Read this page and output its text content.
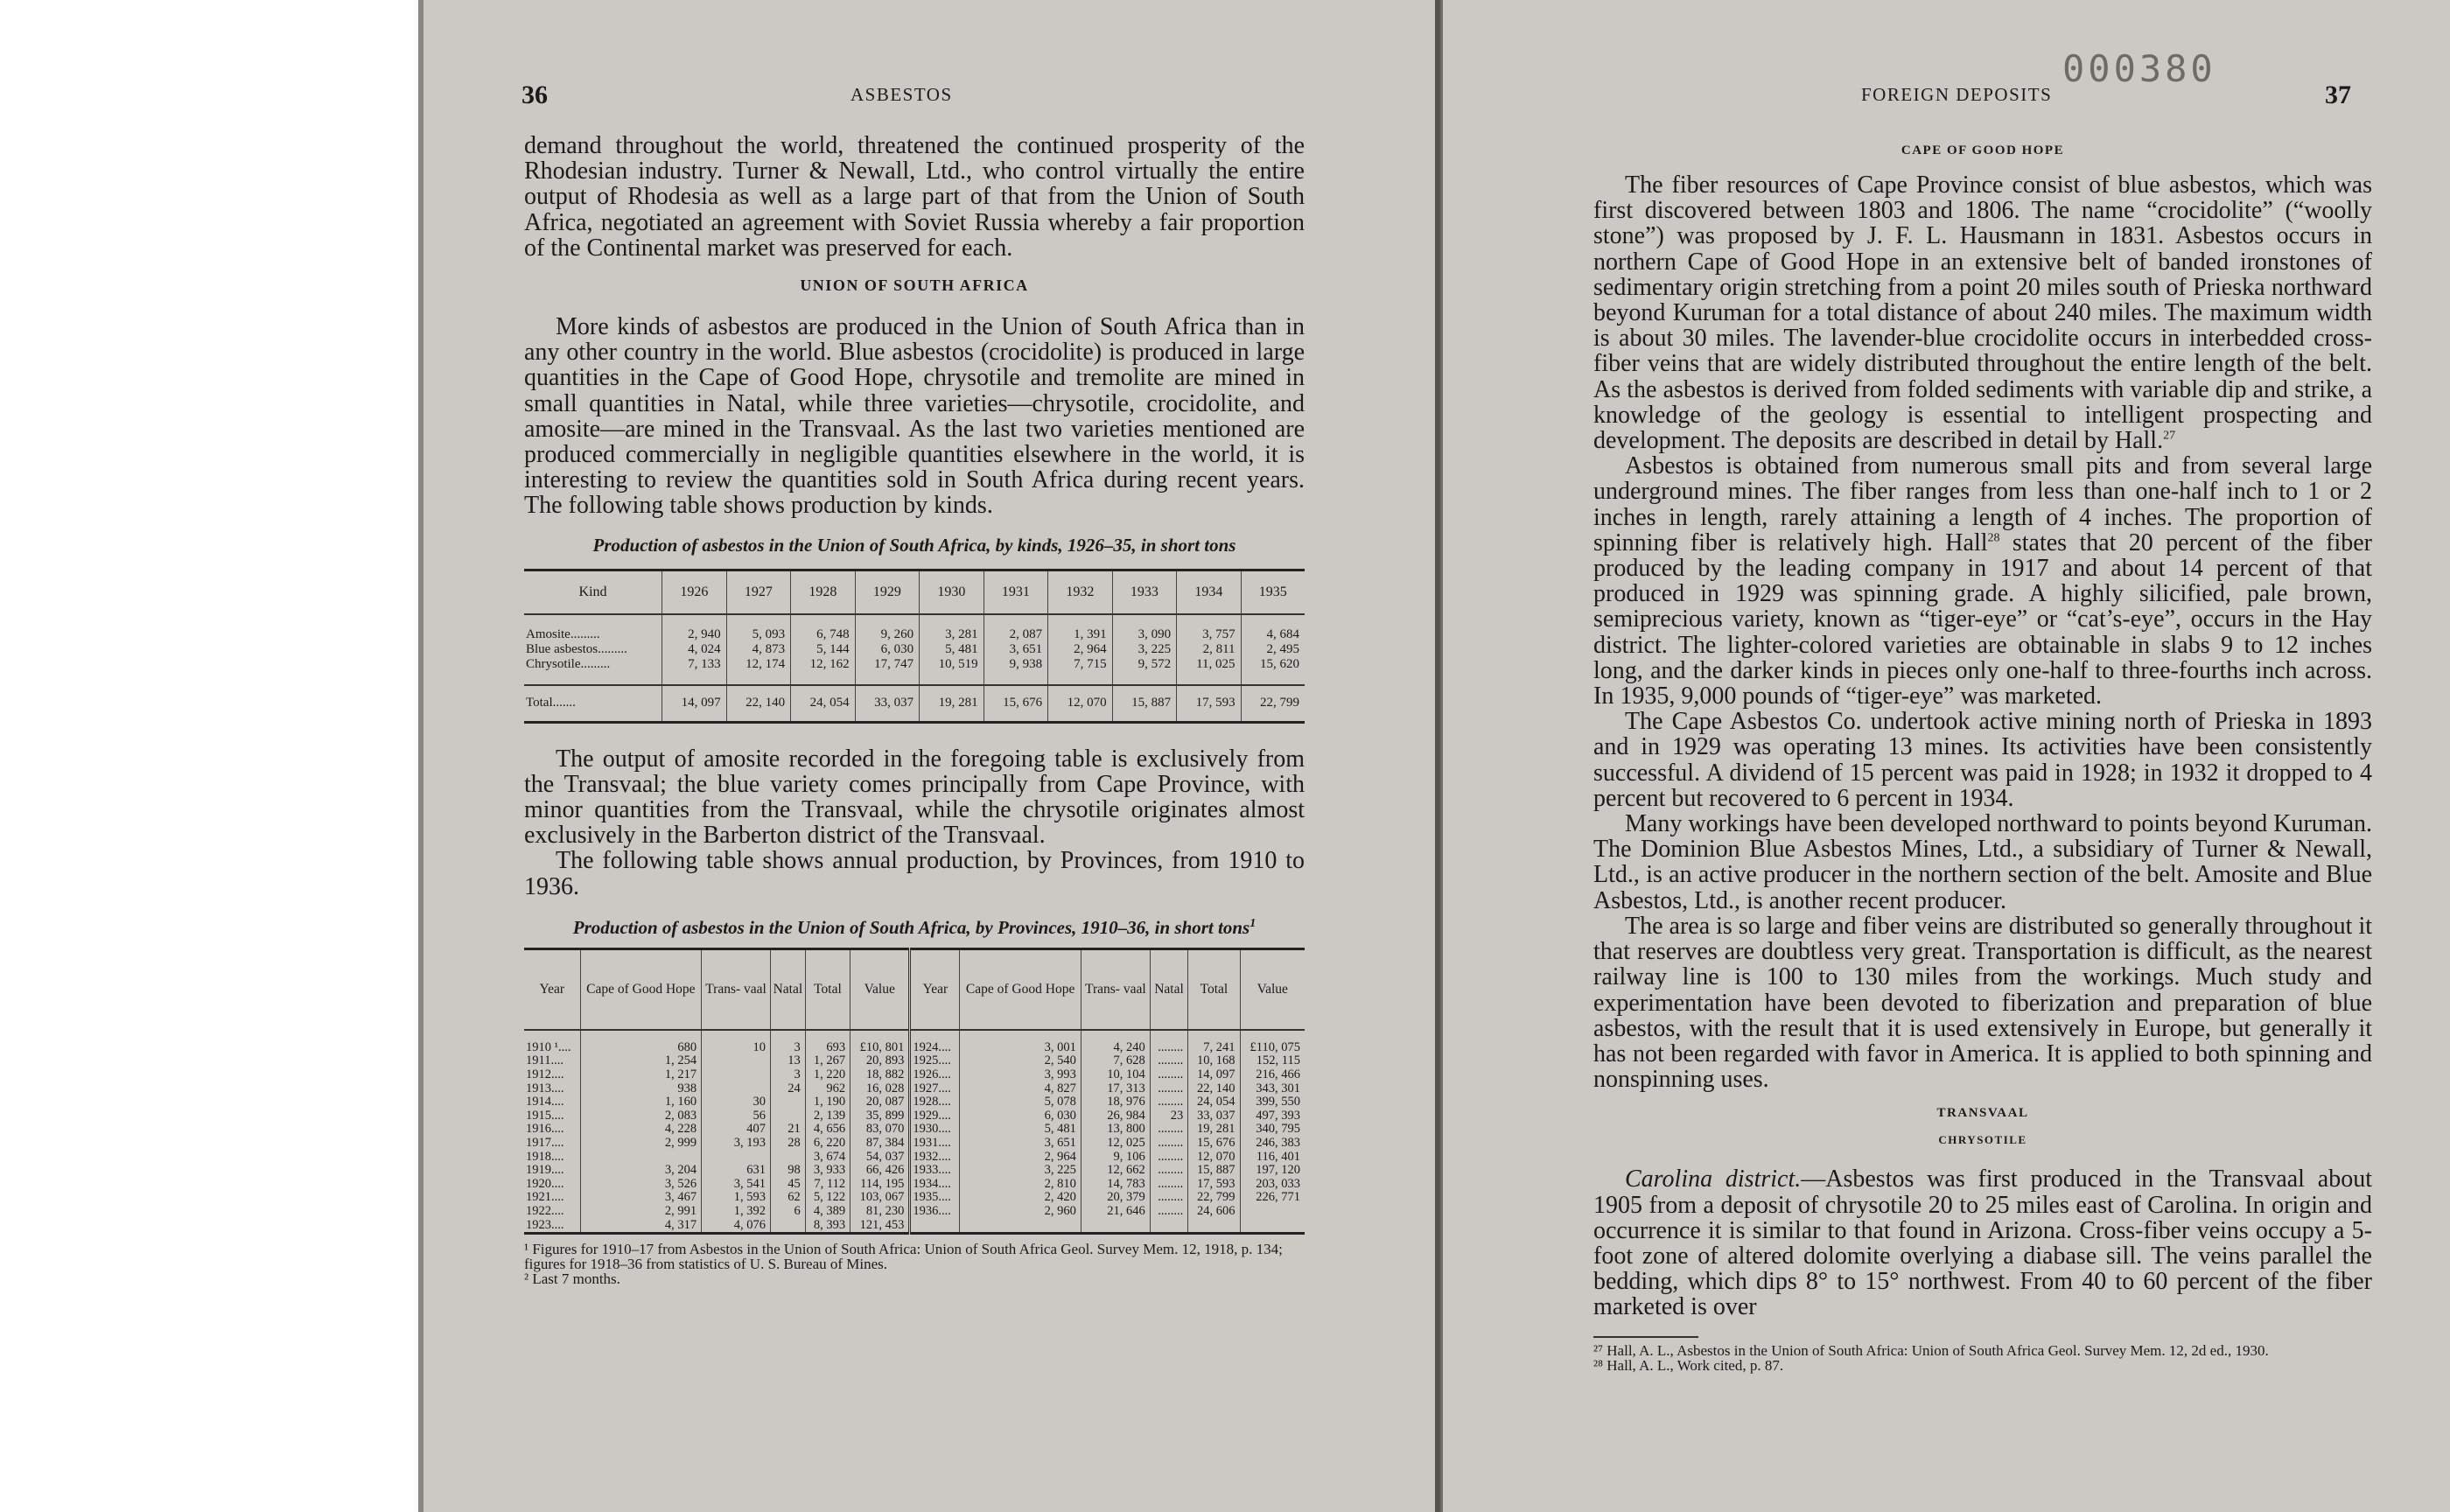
36	ASBESTOS

demand throughout the world, threatened the continued prosperity of the Rhodesian industry. Turner & Newall, Ltd., who control virtually the entire output of Rhodesia as well as a large part of that from the Union of South Africa, negotiated an agreement with Soviet Russia whereby a fair proportion of the Continental market was preserved for each.

UNION OF SOUTH AFRICA

More kinds of asbestos are produced in the Union of South Africa than in any other country in the world. Blue asbestos (crocidolite) is produced in large quantities in the Cape of Good Hope, chrysotile and tremolite are mined in small quantities in Natal, while three varieties—chrysotile, crocidolite, and amosite—are mined in the Transvaal. As the last two varieties mentioned are produced commercially in negligible quantities elsewhere in the world, it is interesting to review the quantities sold in South Africa during recent years. The following table shows production by kinds.

Production of asbestos in the Union of South Africa, by kinds, 1926–35, in short tons
Kind	1926	1927	1928	1929	1930	1931	1932	1933	1934	1935

Amosite.........	2, 940	5, 093	6, 748	9, 260	3, 281	2, 087	1, 391	3, 090	3, 757	4, 684
Blue asbestos.........	4, 024	4, 873	5, 144	6, 030	5, 481	3, 651	2, 964	3, 225	2, 811	2, 495
Chrysotile.........	7, 133	12, 174	12, 162	17, 747	10, 519	9, 938	7, 715	9, 572	11, 025	15, 620

Total.......	14, 097	22, 140	24, 054	33, 037	19, 281	15, 676	12, 070	15, 887	17, 593	22, 799

The output of amosite recorded in the foregoing table is exclusively from the Transvaal; the blue variety comes principally from Cape Province, with minor quantities from the Transvaal, while the chrysotile originates almost exclusively in the Barberton district of the Transvaal.

The following table shows annual production, by Provinces, from 1910 to 1936.

Production of asbestos in the Union of South Africa, by Provinces, 1910–36, in short tons$^1$
Year	Cape of Good Hope	Trans- vaal	Natal	Total	Value	Year	Cape of Good Hope	Trans- vaal	Natal	Total	Value

1910 ¹....	680	10	3	693	£10, 801	1924....	3, 001	4, 240	........	7, 241	£110, 075
1911....	1, 254		13	1, 267	20, 893	1925....	2, 540	7, 628	........	10, 168	152, 115
1912....	1, 217		3	1, 220	18, 882	1926....	3, 993	10, 104	........	14, 097	216, 466
1913....	938		24	962	16, 028	1927....	4, 827	17, 313	........	22, 140	343, 301
1914....	1, 160	30		1, 190	20, 087	1928....	5, 078	18, 976	........	24, 054	399, 550
1915....	2, 083	56		2, 139	35, 899	1929....	6, 030	26, 984	23	33, 037	497, 393
1916....	4, 228	407	21	4, 656	83, 070	1930....	5, 481	13, 800	........	19, 281	340, 795
1917....	2, 999	3, 193	28	6, 220	87, 384	1931....	3, 651	12, 025	........	15, 676	246, 383
1918....				3, 674	54, 037	1932....	2, 964	9, 106	........	12, 070	116, 401
1919....	3, 204	631	98	3, 933	66, 426	1933....	3, 225	12, 662	........	15, 887	197, 120
1920....	3, 526	3, 541	45	7, 112	114, 195	1934....	2, 810	14, 783	........	17, 593	203, 033
1921....	3, 467	1, 593	62	5, 122	103, 067	1935....	2, 420	20, 379	........	22, 799	226, 771
1922....	2, 991	1, 392	6	4, 389	81, 230	1936....	2, 960	21, 646	........	24, 606	
1923....	4, 317	4, 076		8, 393	121, 453						
¹ Figures for 1910–17 from Asbestos in the Union of South Africa: Union of South Africa Geol. Survey Mem. 12, 1918, p. 134; figures for 1918–36 from statistics of U. S. Bureau of Mines.
² Last 7 months.
000380
FOREIGN DEPOSITS	37
CAPE OF GOOD HOPE

The fiber resources of Cape Province consist of blue asbestos, which was first discovered between 1803 and 1806. The name “crocidolite” (“woolly stone”) was proposed by J. F. L. Hausmann in 1831. Asbestos occurs in northern Cape of Good Hope in an extensive belt of banded ironstones of sedimentary origin stretching from a point 20 miles south of Prieska northward beyond Kuruman for a total distance of about 240 miles. The maximum width is about 30 miles. The lavender-blue crocidolite occurs in interbedded cross-fiber veins that are widely distributed throughout the entire length of the belt. As the asbestos is derived from folded sediments with variable dip and strike, a knowledge of the geology is essential to intelligent prospecting and development. The deposits are described in detail by Hall.$^{27}$

Asbestos is obtained from numerous small pits and from several large underground mines. The fiber ranges from less than one-half inch to 1 or 2 inches in length, rarely attaining a length of 4 inches. The proportion of spinning fiber is relatively high. Hall$^{28}$ states that 20 percent of the fiber produced by the leading company in 1917 and about 14 percent of that produced in 1929 was spinning grade. A highly silicified, pale brown, semiprecious variety, known as “tiger-eye” or “cat’s-eye”, occurs in the Hay district. The lighter-colored varieties are obtainable in slabs 9 to 12 inches long, and the darker kinds in pieces only one-half to three-fourths inch across. In 1935, 9,000 pounds of “tiger-eye” was marketed.

The Cape Asbestos Co. undertook active mining north of Prieska in 1893 and in 1929 was operating 13 mines. Its activities have been consistently successful. A dividend of 15 percent was paid in 1928; in 1932 it dropped to 4 percent but recovered to 6 percent in 1934.

Many workings have been developed northward to points beyond Kuruman. The Dominion Blue Asbestos Mines, Ltd., a subsidiary of Turner & Newall, Ltd., is an active producer in the northern section of the belt. Amosite and Blue Asbestos, Ltd., is another recent producer.

The area is so large and fiber veins are distributed so generally throughout it that reserves are doubtless very great. Transportation is difficult, as the nearest railway line is 100 to 130 miles from the workings. Much study and experimentation have been devoted to fiberization and preparation of blue asbestos, with the result that it is used extensively in Europe, but generally it has not been regarded with favor in America. It is applied to both spinning and nonspinning uses.

TRANSVAAL
CHRYSOTILE

Carolina district.—Asbestos was first produced in the Transvaal about 1905 from a deposit of chrysotile 20 to 25 miles east of Carolina. In origin and occurrence it is similar to that found in Arizona. Cross-fiber veins occupy a 5-foot zone of altered dolomite overlying a diabase sill. The veins parallel the bedding, which dips 8° to 15° northwest. From 40 to 60 percent of the fiber marketed is over

²⁷ Hall, A. L., Asbestos in the Union of South Africa: Union of South Africa Geol. Survey Mem. 12, 2d ed., 1930.
²⁸ Hall, A. L., Work cited, p. 87.
